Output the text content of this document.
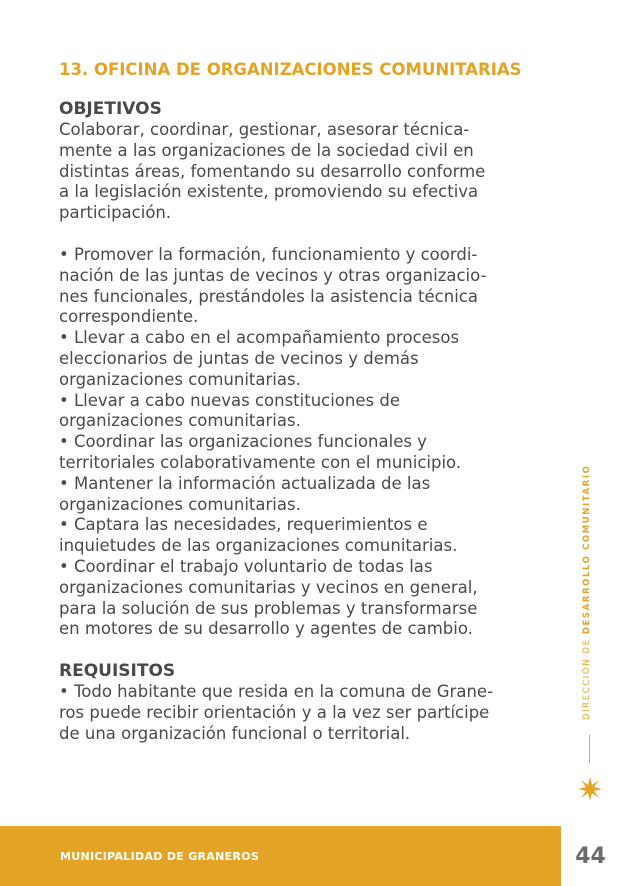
13. OFICINA DE ORGANIZACIONES COMUNITARIAS
OBJETIVOS

Colaborar, coordinar, gestionar, asesorar técnica-

mente a las organizaciones de la sociedad civil en

distintas áreas, fomentando su desarrollo conforme

a la legislación existente, promoviendo su efectiva

participación.

• Promover la formación, funcionamiento y coordi-

nación de las juntas de vecinos y otras organizacio-

nes funcionales, prestándoles la asistencia técnica

correspondiente.

• Llevar a cabo en el acompañamiento procesos

eleccionarios de juntas de vecinos y demás

organizaciones comunitarias.

• Llevar a cabo nuevas constituciones de

organizaciones comunitarias.

• Coordinar las organizaciones funcionales y

territoriales colaborativamente con el municipio.

• Mantener la información actualizada de las

organizaciones comunitarias.

• Captara las necesidades, requerimientos e

inquietudes de las organizaciones comunitarias.

• Coordinar el trabajo voluntario de todas las

organizaciones comunitarias y vecinos en general,

para la solución de sus problemas y transformarse

en motores de su desarrollo y agentes de cambio.

REQUISITOS

• Todo habitante que resida en la comuna de Grane-

ros puede recibir orientación y a la vez ser partícipe

de una organización funcional o territorial.

DIRECCIÓN DE DESARROLLO COMUNITARIO
MUNICIPALIDAD DE GRANEROS	44
